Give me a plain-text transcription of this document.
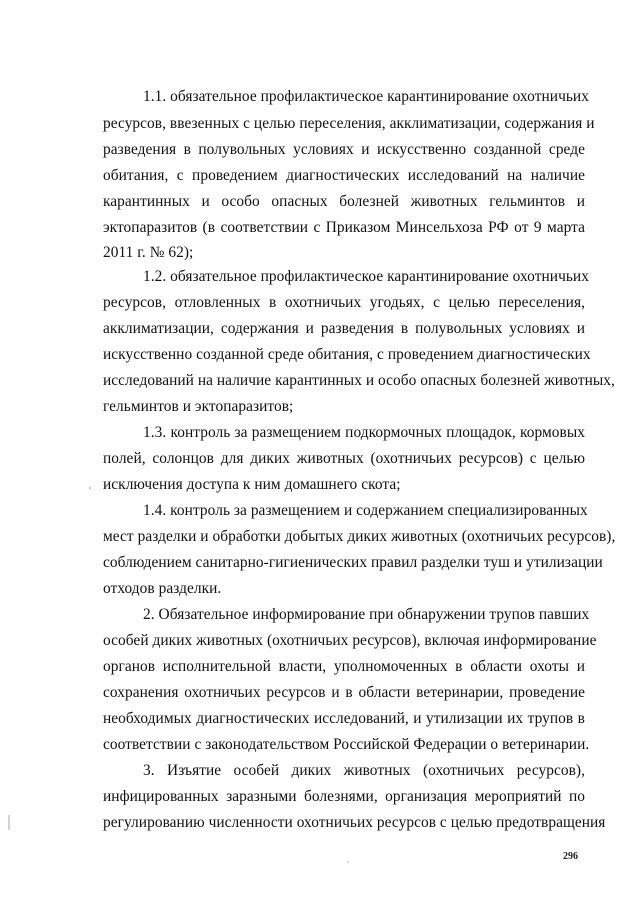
1.1. обязательное профилактическое карантинирование охотничьих
ресурсов, ввезенных с целью переселения, акклиматизации, содержания и
разведения в полувольных условиях и искусственно созданной среде
обитания, с проведением диагностических исследований на наличие
карантинных и особо опасных болезней животных гельминтов и
эктопаразитов (в соответствии с Приказом Минсельхоза РФ от 9 марта
2011 г. № 62);
1.2. обязательное профилактическое карантинирование охотничьих
ресурсов, отловленных в охотничьих угодьях, с целью переселения,
акклиматизации, содержания и разведения в полувольных условиях и
искусственно созданной среде обитания, с проведением диагностических
исследований на наличие карантинных и особо опасных болезней животных,
гельминтов и эктопаразитов;
1.3. контроль за размещением подкормочных площадок, кормовых
полей, солонцов для диких животных (охотничьих ресурсов) с целью
исключения доступа к ним домашнего скота;
1.4. контроль за размещением и содержанием специализированных
мест разделки и обработки добытых диких животных (охотничьих ресурсов),
соблюдением санитарно-гигиенических правил разделки туш и утилизации
отходов разделки.
2. Обязательное информирование при обнаружении трупов павших
особей диких животных (охотничьих ресурсов), включая информирование
органов исполнительной власти, уполномоченных в области охоты и
сохранения охотничьих ресурсов и в области ветеринарии, проведение
необходимых диагностических исследований, и утилизации их трупов в
соответствии с законодательством Российской Федерации о ветеринарии.
3. Изъятие особей диких животных (охотничьих ресурсов),
инфицированных заразными болезнями, организация мероприятий по
регулированию численности охотничьих ресурсов с целью предотвращения
296
